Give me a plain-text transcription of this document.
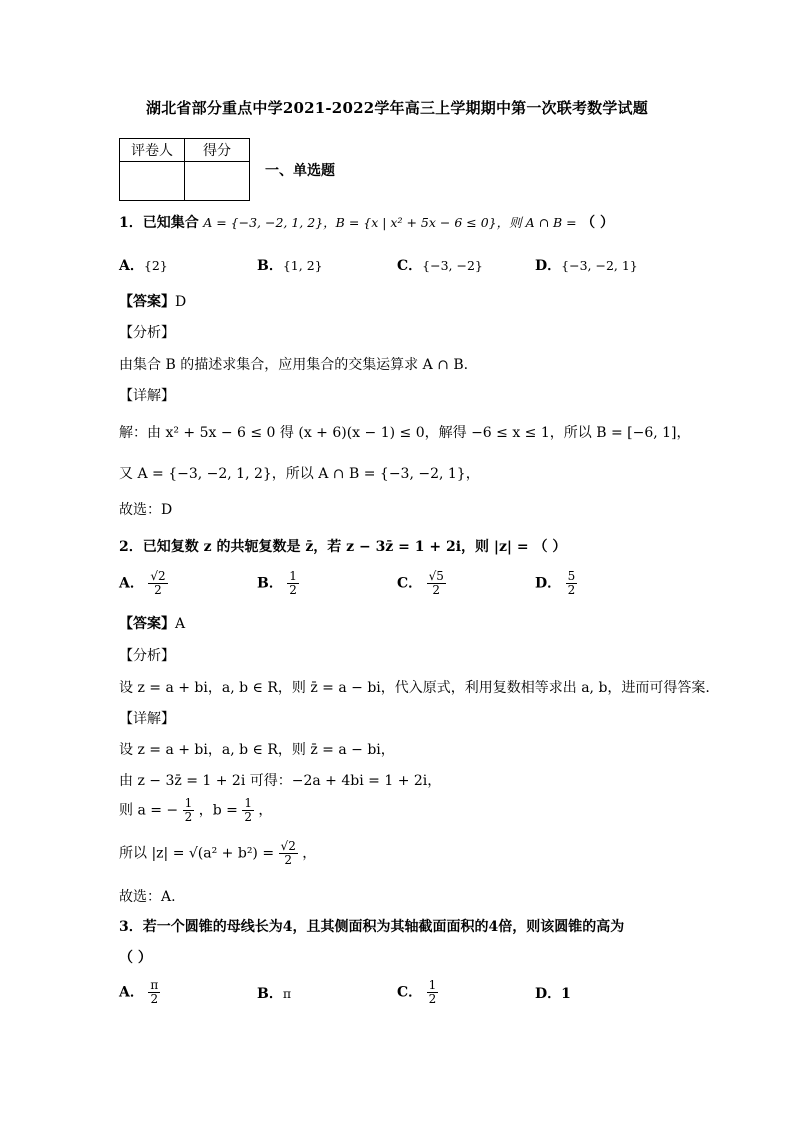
湖北省部分重点中学2021-2022学年高三上学期期中第一次联考数学试题
评卷人	得分

一、单选题
1．已知集合 A = {−3, −2, 1, 2}，B = {x | x² + 5x − 6 ≤ 0}，则 A ∩ B = （ ）
A．{2}	B．{1, 2}	C．{−3, −2}	D．{−3, −2, 1}
【答案】D
【分析】
由集合 B 的描述求集合，应用集合的交集运算求 A ∩ B.
【详解】
解：由 x² + 5x − 6 ≤ 0 得 (x + 6)(x − 1) ≤ 0，解得 −6 ≤ x ≤ 1，所以 B = [−6, 1]，
又 A = {−3, −2, 1, 2}，所以 A ∩ B = {−3, −2, 1}，
故选：D
2．已知复数 z 的共轭复数是 z̄，若 z − 3z̄ = 1 + 2i，则 |z| = （ ）
A． $\frac{√2}{2}$	B． $\frac{1}{2}$	C． $\frac{√5}{2}$	D． $\frac{5}{2}$
【答案】A
【分析】
设 z = a + bi，a, b ∈ R，则 z̄ = a − bi，代入原式，利用复数相等求出 a, b，进而可得答案.
【详解】
设 z = a + bi，a, b ∈ R，则 z̄ = a − bi，
由 z − 3z̄ = 1 + 2i 可得：−2a + 4bi = 1 + 2i，
则 a = − $\frac{1}{2}$ ，$b = \frac{1}{2}$ ，
所以 $|z| = √(a^2 + b^2) = \frac{√2}{2}$ ，
故选：A.
3．若一个圆锥的母线长为4，且其侧面积为其轴截面面积的4倍，则该圆锥的高为
（ ）
A． $\frac{\pi}{2}$	B．π	C． $\frac{1}{2}$	D．1
